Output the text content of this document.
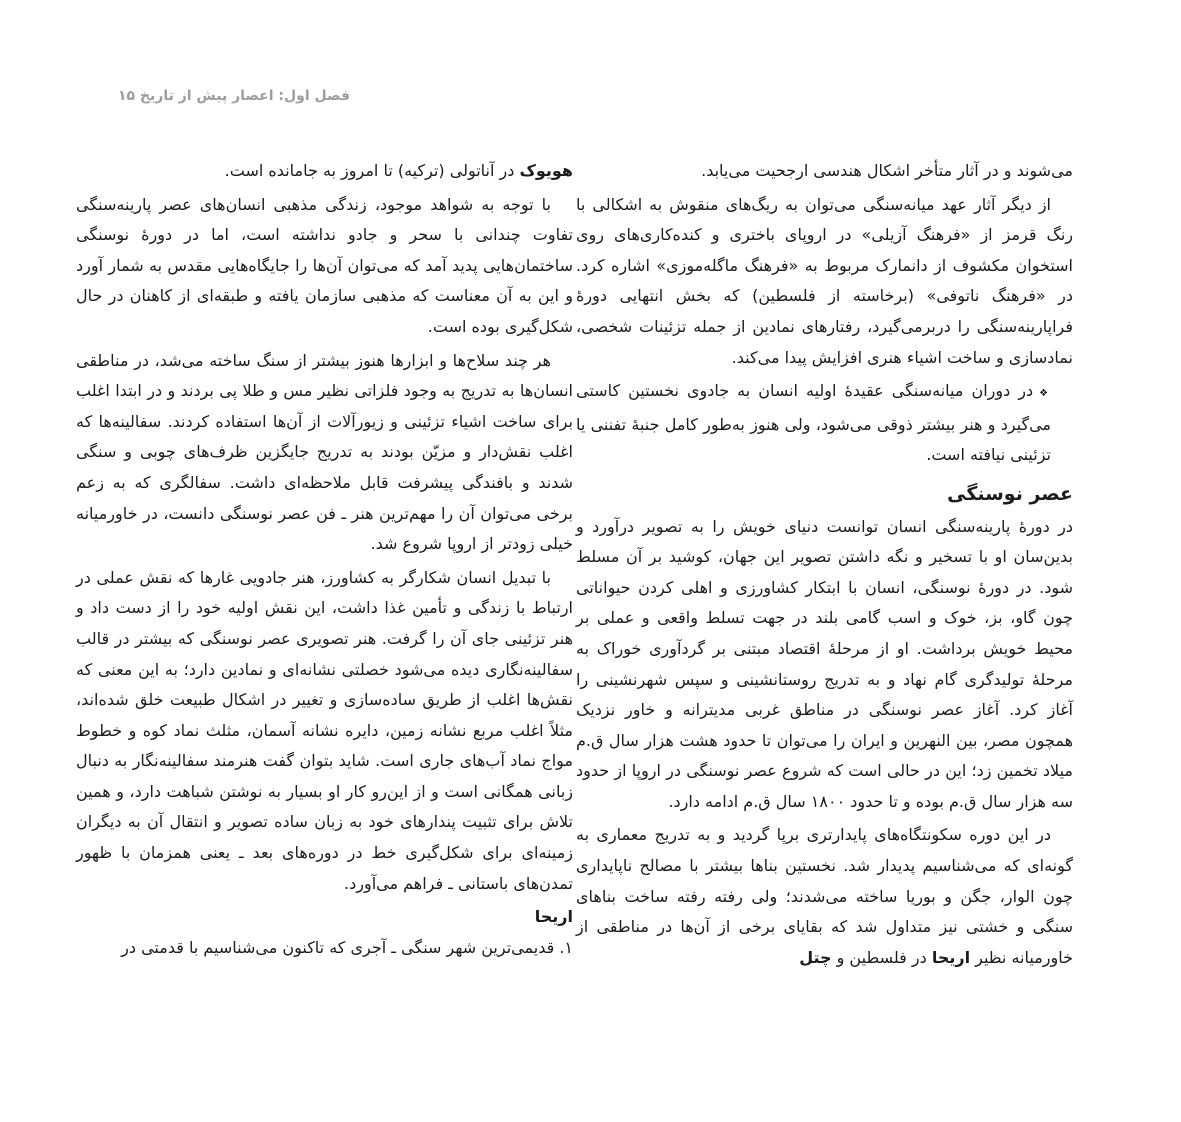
فصل اول: اعصار پیش از تاریخ
۱۵

می‌شوند و در آثار متأخر اشکال هندسی ارجحیت می‌یابد.

از دیگر آثار عهد میانه‌سنگی می‌توان به ریگ‌های منقوش به اشکالی با رنگ قرمز از «فرهنگ آزیلی» در اروپای باختری و کنده‌کاری‌های روی استخوان مکشوف از دانمارک مربوط به «فرهنگ ماگله‌موزی» اشاره کرد. در «فرهنگ ناتوفی» (برخاسته از فلسطین) که بخش انتهایی دورهٔ فراپارینه‌سنگی را دربرمی‌گیرد، رفتارهای نمادین از جمله تزئینات شخصی، نمادسازی و ساخت اشیاء هنری افزایش پیدا می‌کند.

❖در دوران میانه‌سنگی عقیدهٔ اولیه انسان به جادوی نخستین کاستی می‌گیرد و هنر بیشتر ذوقی می‌شود، ولی هنوز به‌طور کامل جنبهٔ تفننی یا تزئینی نیافته است.
عصر نوسنگی

در دورهٔ پارینه‌سنگی انسان توانست دنیای خویش را به تصویر درآورد و بدین‌سان او با تسخیر و نگه داشتن تصویر این جهان، کوشید بر آن مسلط شود. در دورهٔ نوسنگی، انسان با ابتکار کشاورزی و اهلی کردن حیواناتی چون گاو، بز، خوک و اسب گامی بلند در جهت تسلط واقعی و عملی بر محیط خویش برداشت. او از مرحلهٔ اقتصاد مبتنی بر گردآوری خوراک به مرحلهٔ تولیدگری گام نهاد و به تدریج روستانشینی و سپس شهرنشینی را آغاز کرد. آغاز عصر نوسنگی در مناطق غربی مدیترانه و خاور نزدیک همچون مصر، بین النهرین و ایران را می‌توان تا حدود هشت هزار سال ق.م میلاد تخمین زد؛ این در حالی است که شروع عصر نوسنگی در اروپا از حدود سه هزار سال ق.م بوده و تا حدود ۱۸۰۰ سال ق.م ادامه دارد.

در این دوره سکونتگاه‌های پایدارتری برپا گردید و به تدریج معماری به گونه‌ای که می‌شناسیم پدیدار شد. نخستین بناها بیشتر با مصالح ناپایداری چون الوار، جگن و بوریا ساخته می‌شدند؛ ولی رفته رفته ساخت بناهای سنگی و خشتی نیز متداول شد که بقایای برخی از آن‌ها در مناطقی از خاورمیانه نظیر اریحا در فلسطین و چتل

هویوک در آناتولی (ترکیه) تا امروز به جامانده است.

با توجه به شواهد موجود، زندگی مذهبی انسان‌های عصر پارینه‌سنگی تفاوت چندانی با سحر و جادو نداشته است، اما در دورهٔ نوسنگی ساختمان‌هایی پدید آمد که می‌توان آن‌ها را جایگاه‌هایی مقدس به شمار آورد و این به آن معناست که مذهبی سازمان یافته و طبقه‌ای از کاهنان در حال شکل‌گیری بوده است.

هر چند سلاح‌ها و ابزارها هنوز بیشتر از سنگ ساخته می‌شد، در مناطقی انسان‌ها به تدریج به وجود فلزاتی نظیر مس و طلا پی بردند و در ابتدا اغلب برای ساخت اشیاء تزئینی و زیورآلات از آن‌ها استفاده کردند. سفالینه‌ها که اغلب نقش‌دار و مزیّن بودند به تدریج جایگزین ظرف‌های چوبی و سنگی شدند و بافندگی پیشرفت قابل ملاحظه‌ای داشت. سفالگری که به زعم برخی می‌توان آن را مهم‌ترین هنر ـ فن عصر نوسنگی دانست، در خاورمیانه خیلی زودتر از اروپا شروع شد.

با تبدیل انسان شکارگر به کشاورز، هنر جادویی غارها که نقش عملی در ارتباط با زندگی و تأمین غذا داشت، این نقش اولیه خود را از دست داد و هنر تزئینی جای آن را گرفت. هنر تصویری عصر نوسنگی که بیشتر در قالب سفالینه‌نگاری دیده می‌شود خصلتی نشانه‌ای و نمادین دارد؛ به این معنی که نقش‌ها اغلب از طریق ساده‌سازی و تغییر در اشکال طبیعت خلق شده‌اند، مثلاً اغلب مربع نشانه زمین، دایره نشانه آسمان، مثلث نماد کوه و خطوط مواج نماد آب‌های جاری است. شاید بتوان گفت هنرمند سفالینه‌نگار به دنبال زبانی همگانی است و از این‌رو کار او بسیار به نوشتن شباهت دارد، و همین تلاش برای تثبیت پندارهای خود به زبان ساده تصویر و انتقال آن به دیگران زمینه‌ای برای شکل‌گیری خط در دوره‌های بعد ـ یعنی همزمان با ظهور تمدن‌های باستانی ـ فراهم می‌آورد.

اریحا

۱. قدیمی‌ترین شهر سنگی ـ آجری که تاکنون می‌شناسیم با قدمتی در
